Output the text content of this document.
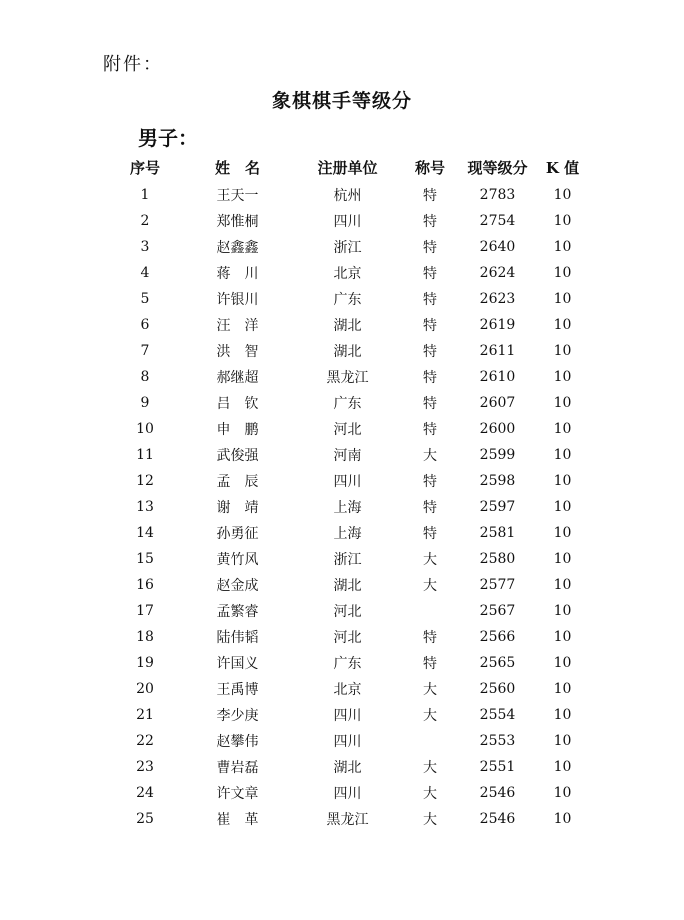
附件：
象棋棋手等级分
男子：
序号	姓　名	注册单位	称号	现等级分	K 值
1	王天一	杭州	特	2783	10
2	郑惟桐	四川	特	2754	10
3	赵鑫鑫	浙江	特	2640	10
4	蒋　川	北京	特	2624	10
5	许银川	广东	特	2623	10
6	汪　洋	湖北	特	2619	10
7	洪　智	湖北	特	2611	10
8	郝继超	黑龙江	特	2610	10
9	吕　钦	广东	特	2607	10
10	申　鹏	河北	特	2600	10
11	武俊强	河南	大	2599	10
12	孟　辰	四川	特	2598	10
13	谢　靖	上海	特	2597	10
14	孙勇征	上海	特	2581	10
15	黄竹风	浙江	大	2580	10
16	赵金成	湖北	大	2577	10
17	孟繁睿	河北		2567	10
18	陆伟韬	河北	特	2566	10
19	许国义	广东	特	2565	10
20	王禹博	北京	大	2560	10
21	李少庚	四川	大	2554	10
22	赵攀伟	四川		2553	10
23	曹岩磊	湖北	大	2551	10
24	许文章	四川	大	2546	10
25	崔　革	黑龙江	大	2546	10
